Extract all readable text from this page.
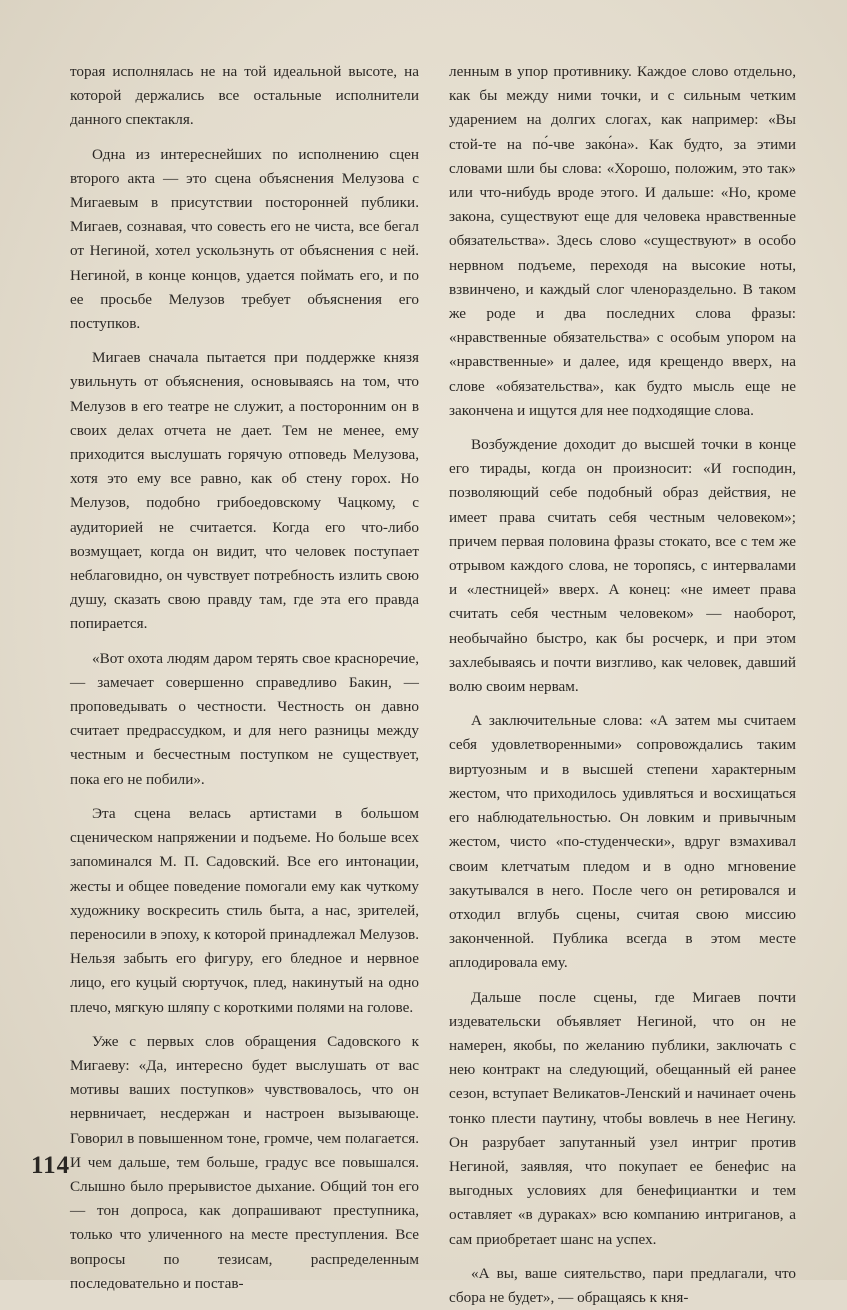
торая исполнялась не на той идеальной высоте, на которой держались все остальные исполнители данного спектакля.

Одна из интереснейших по исполнению сцен второго акта — это сцена объяснения Мелузова с Мигаевым в присутствии посторонней публики. Мигаев, сознавая, что совесть его не чиста, все бегал от Негиной, хотел ускользнуть от объяснения с ней. Негиной, в конце концов, удается поймать его, и по ее просьбе Мелузов требует объяснения его поступков.

Мигаев сначала пытается при поддержке князя увильнуть от объяснения, основываясь на том, что Мелузов в его театре не служит, а посторонним он в своих делах отчета не дает. Тем не менее, ему приходится выслушать горячую отповедь Мелузова, хотя это ему все равно, как об стену горох. Но Мелузов, подобно грибоедовскому Чацкому, с аудиторией не считается. Когда его что-либо возмущает, когда он видит, что человек поступает неблаговидно, он чувствует потребность излить свою душу, сказать свою правду там, где эта его правда попирается.

«Вот охота людям даром терять свое красноречие, — замечает совершенно справедливо Бакин, — проповедывать о честности. Честность он давно считает предрассудком, и для него разницы между честным и бесчестным поступком не существует, пока его не побили».

Эта сцена велась артистами в большом сценическом напряжении и подъеме. Но больше всех запоминался М. П. Садовский. Все его интонации, жесты и общее поведение помогали ему как чуткому художнику воскресить стиль быта, а нас, зрителей, переносили в эпоху, к которой принадлежал Мелузов. Нельзя забыть его фигуру, его бледное и нервное лицо, его куцый сюртучок, плед, накинутый на одно плечо, мягкую шляпу с короткими полями на голове.

Уже с первых слов обращения Садовского к Мигаеву: «Да, интересно будет выслушать от вас мотивы ваших поступков» чувствовалось, что он нервничает, несдержан и настроен вызывающе. Говорил в повышенном тоне, громче, чем полагается. И чем дальше, тем больше, градус все повышался. Слышно было прерывистое дыхание. Общий тон его — тон допроса, как допрашивают преступника, только что уличенного на месте преступления. Все вопросы по тезисам, распределенным последовательно и постав-

ленным в упор противнику. Каждое слово отдельно, как бы между ними точки, и с сильным четким ударением на долгих слогах, как например: «Вы стой-те на по́-чве зако́на». Как будто, за этими словами шли бы слова: «Хорошо, положим, это так» или что-нибудь вроде этого. И дальше: «Но, кроме закона, существуют еще для человека нравственные обязательства». Здесь слово «существуют» в особо нервном подъеме, переходя на высокие ноты, взвинчено, и каждый слог членораздельно. В таком же роде и два последних слова фразы: «нравственные обязательства» с особым упором на «нравственные» и далее, идя крещендо вверх, на слове «обязательства», как будто мысль еще не закончена и ищутся для нее подходящие слова.

Возбуждение доходит до высшей точки в конце его тирады, когда он произносит: «И господин, позволяющий себе подобный образ действия, не имеет права считать себя честным человеком»; причем первая половина фразы стокато, все с тем же отрывом каждого слова, не торопясь, с интервалами и «лестницей» вверх. А конец: «не имеет права считать себя честным человеком» — наоборот, необычайно быстро, как бы росчерк, и при этом захлебываясь и почти визгливо, как человек, давший волю своим нервам.

А заключительные слова: «А затем мы считаем себя удовлетворенными» сопровождались таким виртуозным и в высшей степени характерным жестом, что приходилось удивляться и восхищаться его наблюдательностью. Он ловким и привычным жестом, чисто «по-студенчески», вдруг взмахивал своим клетчатым пледом и в одно мгновение закутывался в него. После чего он ретировался и отходил вглубь сцены, считая свою миссию законченной. Публика всегда в этом месте аплодировала ему.

Дальше после сцены, где Мигаев почти издевательски объявляет Негиной, что он не намерен, якобы, по желанию публики, заключать с нею контракт на следующий, обещанный ей ранее сезон, вступает Великатов-Ленский и начинает очень тонко плести паутину, чтобы вовлечь в нее Негину. Он разрубает запутанный узел интриг против Негиной, заявляя, что покупает ее бенефис на выгодных условиях для бенефициантки и тем оставляет «в дураках» всю компанию интриганов, а сам приобретает шанс на успех.

«А вы, ваше сиятельство, пари предлагали, что сбора не будет», — обращаясь к кня-

114
